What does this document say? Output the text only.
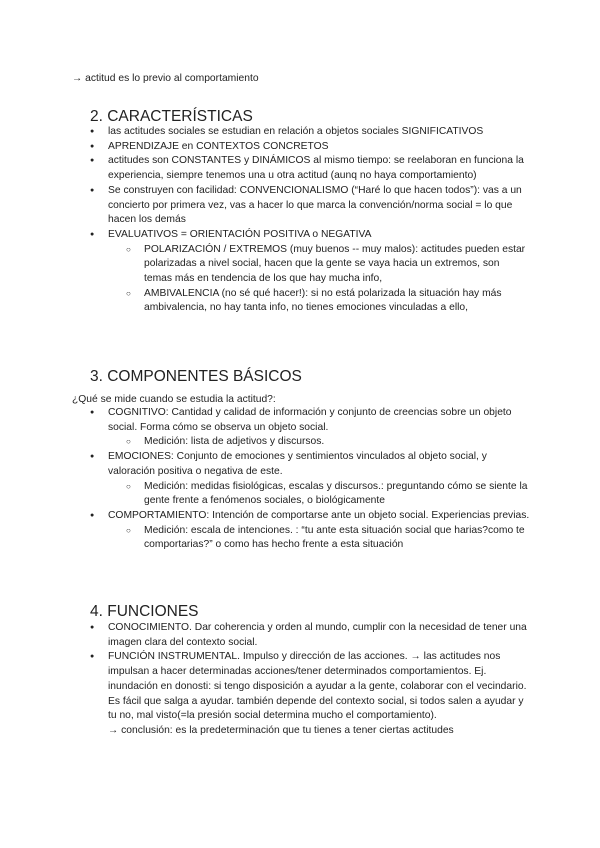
→ actitud es lo previo al comportamiento
2. CARACTERÍSTICAS
● las actitudes sociales se estudian en relación a objetos sociales SIGNIFICATIVOS
● APRENDIZAJE en CONTEXTOS CONCRETOS
● actitudes son CONSTANTES y DINÁMICOS al mismo tiempo: se reelaboran en funciona la experiencia, siempre tenemos una u otra actitud (aunq no haya comportamiento)
● Se construyen con facilidad: CONVENCIONALISMO (“Haré lo que hacen todos”): vas a un concierto por primera vez, vas a hacer lo que marca la convención/norma social = lo que hacen los demás
● EVALUATIVOS = ORIENTACIÓN POSITIVA o NEGATIVA
○ POLARIZACIÓN / EXTREMOS (muy buenos -- muy malos): actitudes pueden estar polarizadas a nivel social, hacen que la gente se vaya hacia un extremos, son temas más en tendencia de los que hay mucha info,
○ AMBIVALENCIA (no sé qué hacer!): si no está polarizada la situación hay más ambivalencia, no hay tanta info, no tienes emociones vinculadas a ello,
3. COMPONENTES BÁSICOS
¿Qué se mide cuando se estudia la actitud?:
● COGNITIVO: Cantidad y calidad de información y conjunto de creencias sobre un objeto social. Forma cómo se observa un objeto social.
○ Medición: lista de adjetivos y discursos.
● EMOCIONES: Conjunto de emociones y sentimientos vinculados al objeto social, y valoración positiva o negativa de este.
○ Medición: medidas fisiológicas, escalas y discursos.: preguntando cómo se siente la gente frente a fenómenos sociales, o biológicamente
● COMPORTAMIENTO: Intención de comportarse ante un objeto social. Experiencias previas.
○ Medición: escala de intenciones. : “tu ante esta situación social que harias?como te comportarias?” o como has hecho frente a esta situación
4. FUNCIONES
● CONOCIMIENTO. Dar coherencia y orden al mundo, cumplir con la necesidad de tener una imagen clara del contexto social.
● FUNCIÓN INSTRUMENTAL. Impulso y dirección de las acciones. → las actitudes nos impulsan a hacer determinadas acciones/tener determinados comportamientos. Ej. inundación en donosti: si tengo disposición a ayudar a la gente, colaborar con el vecindario. Es fácil que salga a ayudar. también depende del contexto social, si todos salen a ayudar y tu no, mal visto(=la presión social determina mucho el comportamiento).
→ conclusión: es la predeterminación que tu tienes a tener ciertas actitudes
